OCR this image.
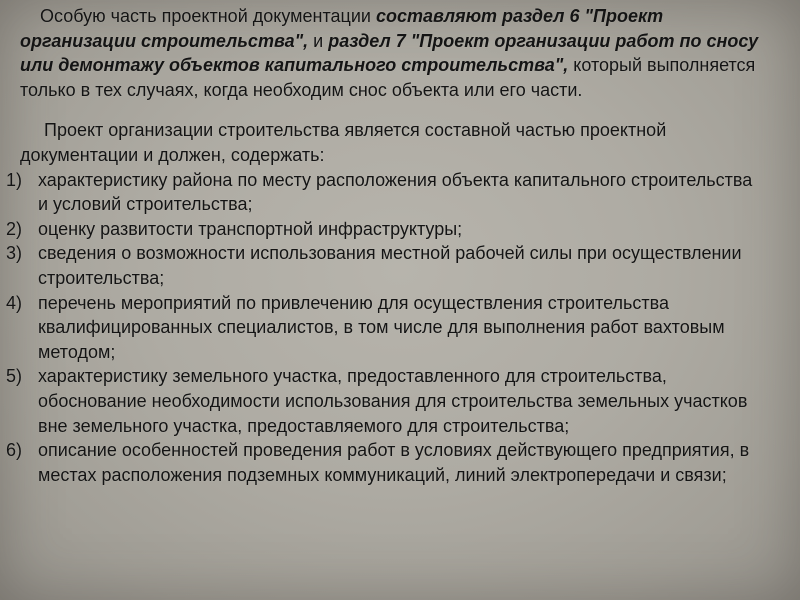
Особую часть проектной документации составляют раздел 6 "Проект организации строительства", и раздел 7 "Проект организации работ по сносу или демонтажу объектов капитального строительства", который выполняется только в тех случаях, когда необходим снос объекта или его части.

Проект организации строительства является составной частью проектной документации и должен, содержать:

1) характеристику района по месту расположения объекта капитального строительства и условий строительства;
2) оценку развитости транспортной инфраструктуры;
3) сведения о возможности использования местной рабочей силы при осуществлении строительства;
4) перечень мероприятий по привлечению для осуществления строительства квалифицированных специалистов, в том числе для выполнения работ вахтовым методом;
5) характеристику земельного участка, предоставленного для строительства, обоснование необходимости использования для строительства земельных участков вне земельного участка, предоставляемого для строительства;
6) описание особенностей проведения работ в условиях действующего предприятия, в местах расположения подземных коммуникаций, линий электропередачи и связи;
